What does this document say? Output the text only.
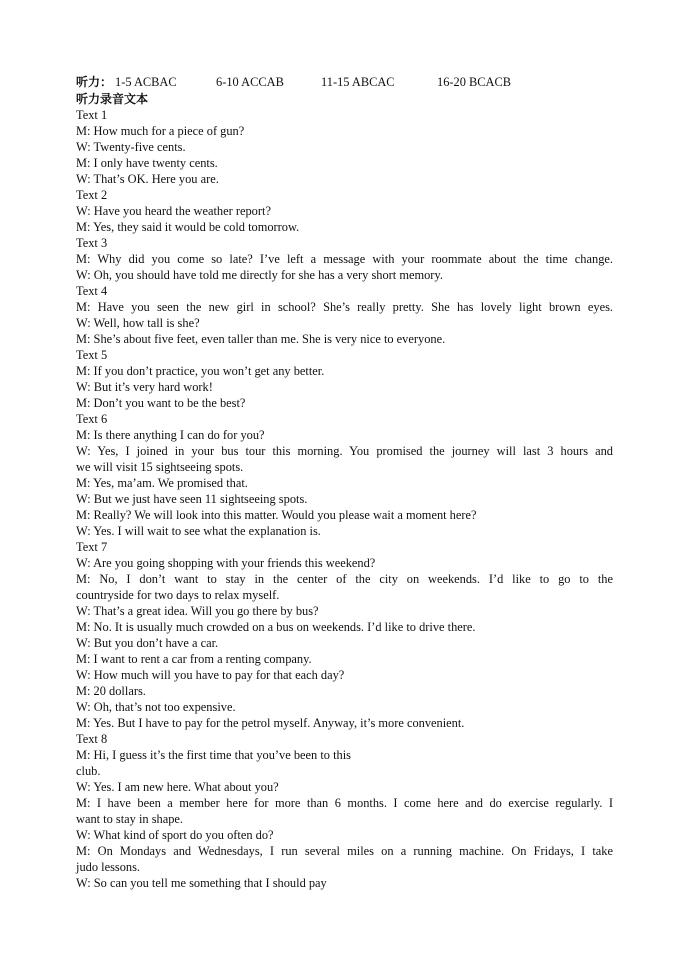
听力： 1-5 ACBAC	6-10 ACCAB	11-15 ABCAC	16-20 BCACB
听力录音文本
Text 1
M: How much for a piece of gun?
W: Twenty-five cents.
M: I only have twenty cents.
W: That’s OK. Here you are.
Text 2
W: Have you heard the weather report?
M: Yes, they said it would be cold tomorrow.
Text 3
M: Why did you come so late? I’ve left a message with your roommate about the time change.
W: Oh, you should have told me directly for she has a very short memory.
Text 4
M: Have you seen the new girl in school? She’s really pretty. She has lovely light brown eyes.
W: Well, how tall is she?
M: She’s about five feet, even taller than me. She is very nice to everyone.
Text 5
M: If you don’t practice, you won’t get any better.
W: But it’s very hard work!
M: Don’t you want to be the best?
Text 6
M: Is there anything I can do for you?
W: Yes, I joined in your bus tour this morning. You promised the journey will last 3 hours and
we will visit 15 sightseeing spots.
M: Yes, ma’am. We promised that.
W: But we just have seen 11 sightseeing spots.
M: Really? We will look into this matter. Would you please wait a moment here?
W: Yes. I will wait to see what the explanation is.
Text 7
W: Are you going shopping with your friends this weekend?
M: No, I don’t want to stay in the center of the city on weekends. I’d like to go to the
countryside for two days to relax myself.
W: That’s a great idea. Will you go there by bus?
M: No. It is usually much crowded on a bus on weekends. I’d like to drive there.
W: But you don’t have a car.
M: I want to rent a car from a renting company.
W: How much will you have to pay for that each day?
M: 20 dollars.
W: Oh, that’s not too expensive.
M: Yes. But I have to pay for the petrol myself. Anyway, it’s more convenient.
Text 8
M: Hi, I guess it’s the first time that you’ve been to this
club.
W: Yes. I am new here. What about you?
M: I have been a member here for more than 6 months. I come here and do exercise regularly. I
want to stay in shape.
W: What kind of sport do you often do?
M: On Mondays and Wednesdays, I run several miles on a running machine. On Fridays, I take
judo lessons.
W: So can you tell me something that I should pay
